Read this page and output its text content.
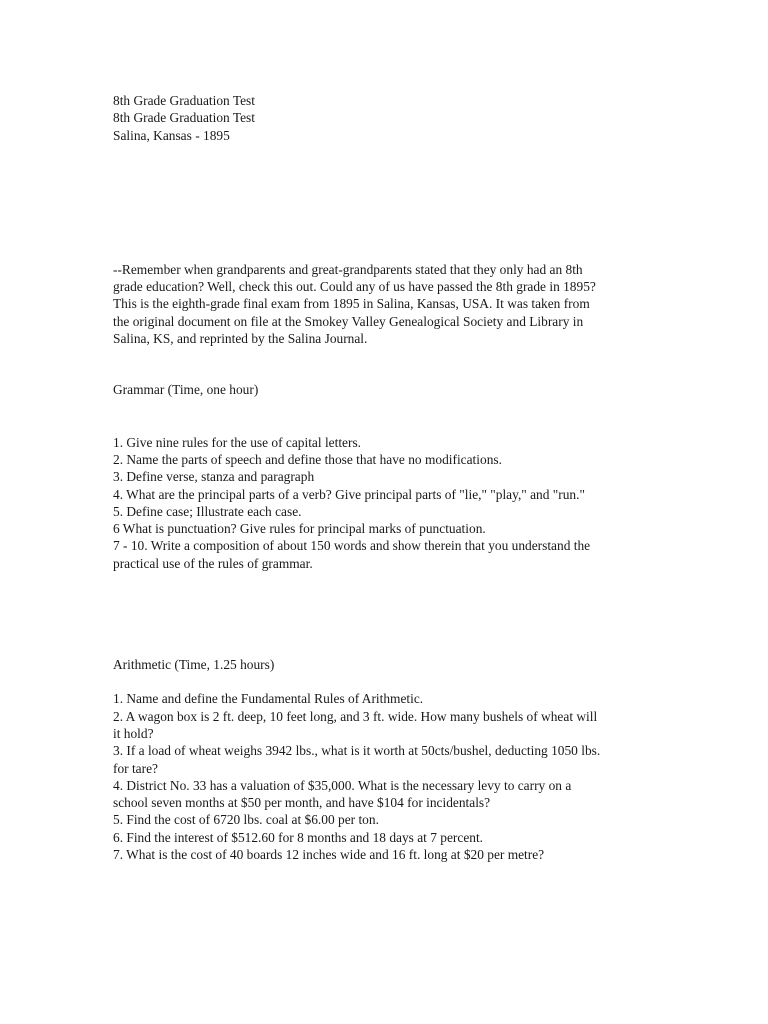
8th Grade Graduation Test
8th Grade Graduation Test
Salina, Kansas - 1895
--Remember when grandparents and great-grandparents stated that they only had an 8th
grade education? Well, check this out. Could any of us have passed the 8th grade in 1895?
This is the eighth-grade final exam from 1895 in Salina, Kansas, USA. It was taken from
the original document on file at the Smokey Valley Genealogical Society and Library in
Salina, KS, and reprinted by the Salina Journal.
Grammar (Time, one hour)
1. Give nine rules for the use of capital letters.
2. Name the parts of speech and define those that have no modifications.
3. Define verse, stanza and paragraph
4. What are the principal parts of a verb? Give principal parts of "lie," "play," and "run."
5. Define case; Illustrate each case.
6 What is punctuation? Give rules for principal marks of punctuation.
7 - 10. Write a composition of about 150 words and show therein that you understand the
practical use of the rules of grammar.
Arithmetic (Time, 1.25 hours)
1. Name and define the Fundamental Rules of Arithmetic.
2. A wagon box is 2 ft. deep, 10 feet long, and 3 ft. wide. How many bushels of wheat will
it hold?
3. If a load of wheat weighs 3942 lbs., what is it worth at 50cts/bushel, deducting 1050 lbs.
for tare?
4. District No. 33 has a valuation of $35,000. What is the necessary levy to carry on a
school seven months at $50 per month, and have $104 for incidentals?
5. Find the cost of 6720 lbs. coal at $6.00 per ton.
6. Find the interest of $512.60 for 8 months and 18 days at 7 percent.
7. What is the cost of 40 boards 12 inches wide and 16 ft. long at $20 per metre?
